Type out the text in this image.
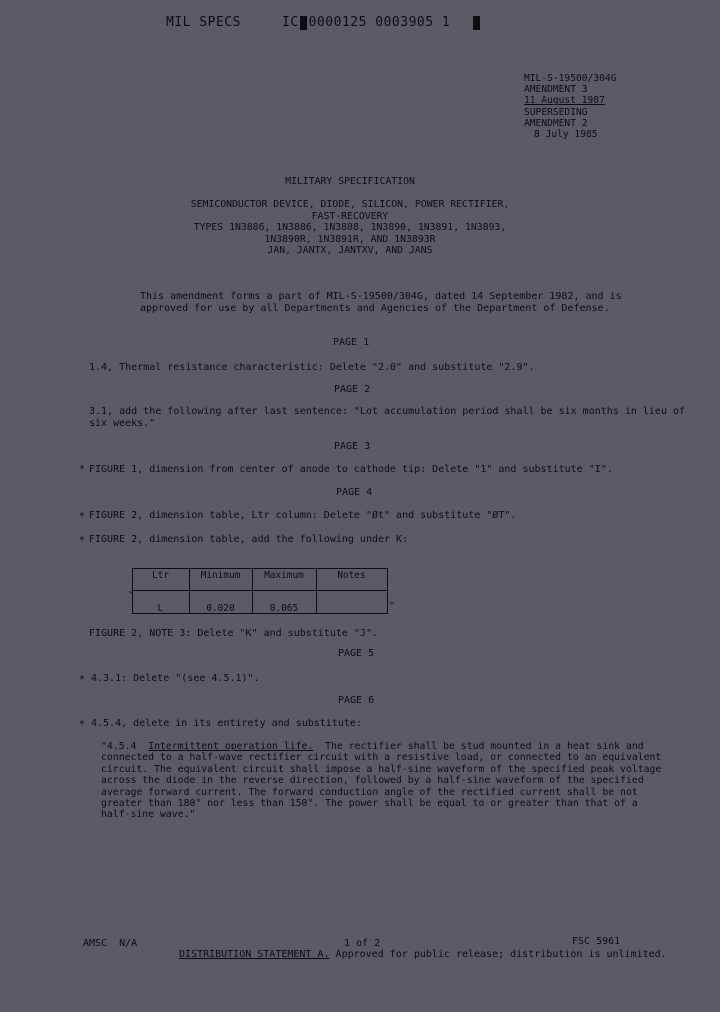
MIL SPECS	IC 0000125 0003905 1
MIL-S-19500/304G
AMENDMENT 3
11 August 1987
SUPERSEDING
AMENDMENT 2
8 July 1985
MILITARY SPECIFICATION
SEMICONDUCTOR DEVICE, DIODE, SILICON, POWER RECTIFIER,
FAST-RECOVERY
TYPES 1N3886, 1N3886, 1N3888, 1N3890, 1N3891, 1N3893,
1N3890R, 1N3891R, AND 1N3893R
JAN, JANTX, JANTXV, AND JANS
This amendment forms a part of MIL-S-19500/304G, dated 14 September 1982, and is
approved for use by all Departments and Agencies of the Department of Defense.
PAGE 1
1.4, Thermal resistance characteristic: Delete "2.0" and substitute "2.9".
PAGE 2
3.1, add the following after last sentence: "Lot accumulation period shall be six months in lieu of
six weeks."
PAGE 3
* FIGURE 1, dimension from center of anode to cathode tip: Delete "1" and substitute "I".
PAGE 4
* FIGURE 2, dimension table, Ltr column: Delete "Øt" and substitute "ØT".
* FIGURE 2, dimension table, add the following under K:
Ltr	Minimum	Maximum	Notes
L	0.020	0.065
"
"
FIGURE 2, NOTE 3: Delete "K" and substitute "J".
PAGE 5
* 4.3.1: Delete "(see 4.5.1)".
PAGE 6
* 4.5.4, delete in its entirety and substitute:
"4.5.4 Intermittent operation life. The rectifier shall be stud mounted in a heat sink and
connected to a half-wave rectifier circuit with a resistive load, or connected to an equivalent
circuit. The equivalent circuit shall impose a half-sine waveform of the specified peak voltage
across the diode in the reverse direction, followed by a half-sine waveform of the specified
average forward current. The forward conduction angle of the rectified current shall be not
greater than 180° nor less than 150°. The power shall be equal to or greater than that of a
half-sine wave."
AMSC  N/A	1 of 2	FSC 5961
DISTRIBUTION STATEMENT A. Approved for public release; distribution is unlimited.
